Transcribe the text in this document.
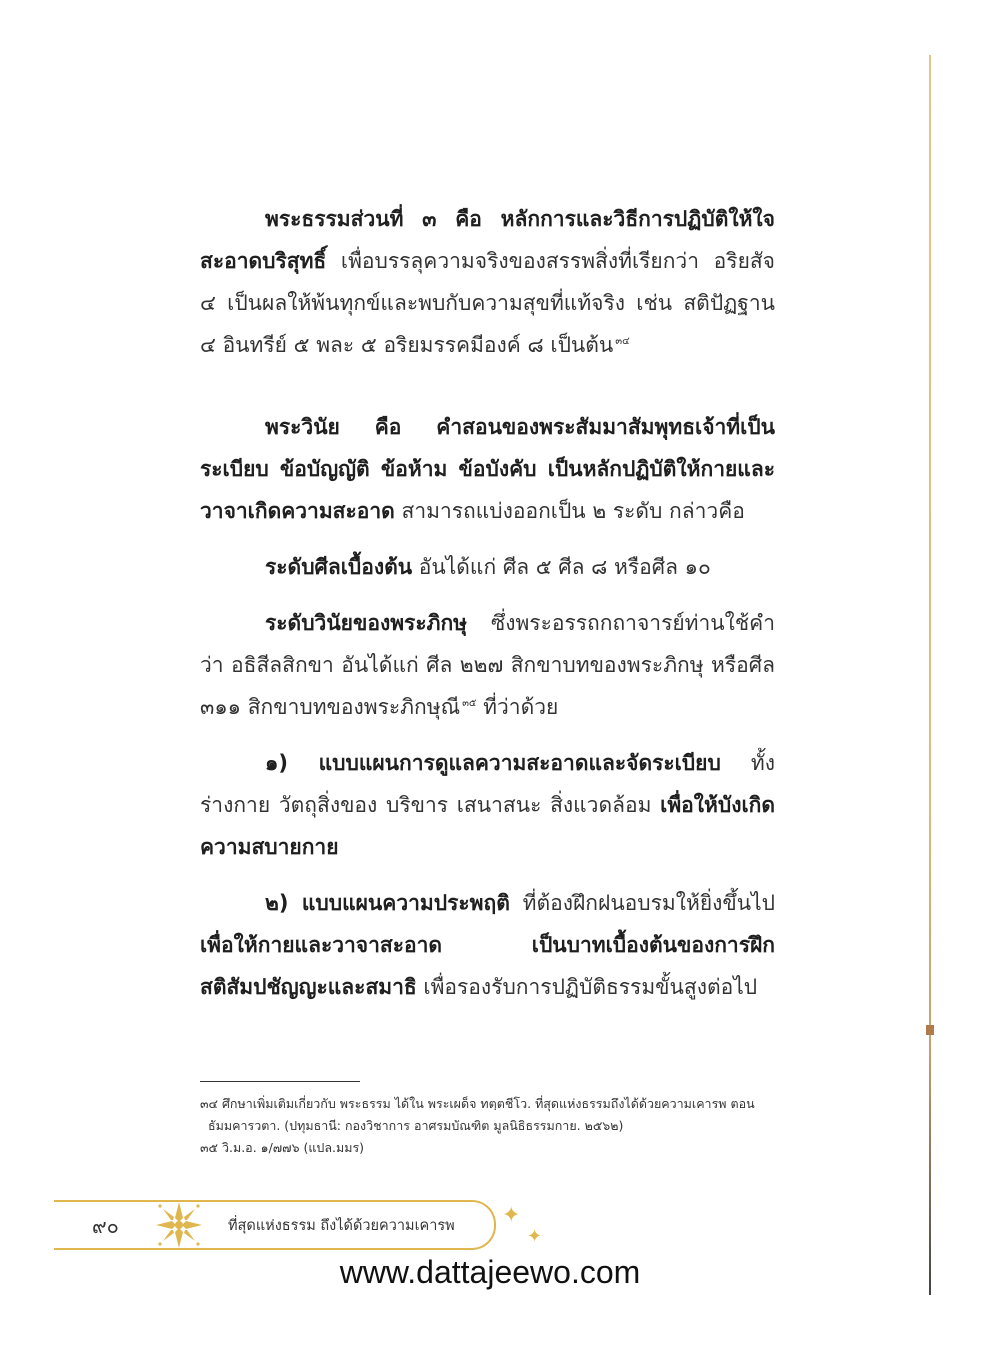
พระธรรมส่วนที่ ๓ คือ หลักการและวิธีการปฏิบัติให้ใจสะอาดบริสุทธิ์ เพื่อบรรลุความจริงของสรรพสิ่งที่เรียกว่า อริยสัจ ๔ เป็นผลให้พ้นทุกข์และพบกับความสุขที่แท้จริง เช่น สติปัฏฐาน ๔ อินทรีย์ ๕ พละ ๕ อริยมรรคมีองค์ ๘ เป็นต้น $^{๓๔}$

พระวินัย คือ คำสอนของพระสัมมาสัมพุทธเจ้าที่เป็นระเบียบ ข้อบัญญัติ ข้อห้าม ข้อบังคับ เป็นหลักปฏิบัติให้กายและวาจาเกิดความสะอาด สามารถแบ่งออกเป็น ๒ ระดับ กล่าวคือ

ระดับศีลเบื้องต้น อันได้แก่ ศีล ๕ ศีล ๘ หรือศีล ๑๐

ระดับวินัยของพระภิกษุ ซึ่งพระอรรถกถาจารย์ท่านใช้คำว่า อธิสีลสิกขา อันได้แก่ ศีล ๒๒๗ สิกขาบทของพระภิกษุ หรือศีล ๓๑๑ สิกขาบทของพระภิกษุณี $^{๓๕}$ ที่ว่าด้วย

๑) แบบแผนการดูแลความสะอาดและจัดระเบียบ ทั้งร่างกาย วัตถุสิ่งของ บริขาร เสนาสนะ สิ่งแวดล้อม เพื่อให้บังเกิดความสบายกาย

๒) แบบแผนความประพฤติ ที่ต้องฝึกฝนอบรมให้ยิ่งขึ้นไป เพื่อให้กายและวาจาสะอาด เป็นบาทเบื้องต้นของการฝึกสติสัมปชัญญะและสมาธิ เพื่อรองรับการปฏิบัติธรรมขั้นสูงต่อไป

๓๔ ศึกษาเพิ่มเติมเกี่ยวกับ พระธรรม ได้ใน พระเผด็จ ทตฺตชีโว. ที่สุดแห่งธรรมถึงได้ด้วยความเคารพ ตอน

ธัมมคารวตา. (ปทุมธานี: กองวิชาการ อาศรมบัณฑิต มูลนิธิธรรมกาย. ๒๕๖๒)

๓๕ วิ.ม.อ. ๑/๗๗๖ (แปล.มมร)

๙๐	ที่สุดแห่งธรรม ถึงได้ด้วยความเคารพ ✦
✦
www.dattajeewo.com
